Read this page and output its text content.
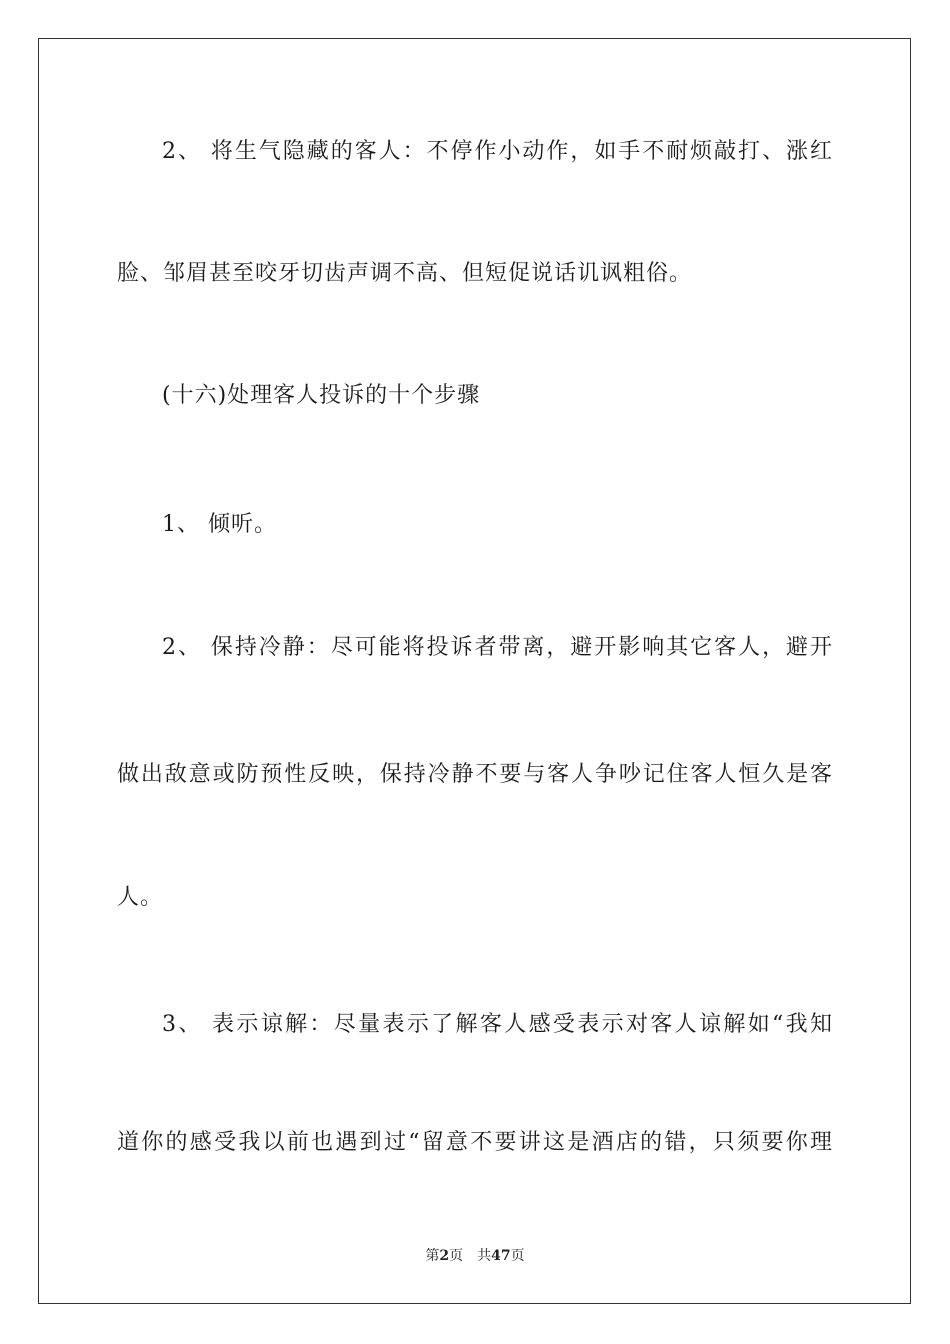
2、 将生气隐藏的客人：不停作小动作，如手不耐烦敲打、涨红
脸、邹眉甚至咬牙切齿声调不高、但短促说话讥讽粗俗。
(十六)处理客人投诉的十个步骤
1、 倾听。
2、 保持冷静：尽可能将投诉者带离，避开影响其它客人，避开
做出敌意或防预性反映，保持冷静不要与客人争吵记住客人恒久是客
人。
3、 表示谅解：尽量表示了解客人感受表示对客人谅解如“我知
道你的感受我以前也遇到过“留意不要讲这是酒店的错，只须要你理
第2页 共47页
